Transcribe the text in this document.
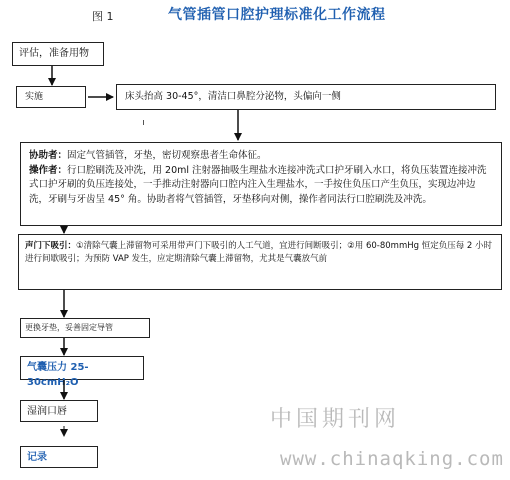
图 1	气管插管口腔护理标准化工作流程
评估，准备用物
实施	床头抬高 30-45°，清洁口鼻腔分泌物，头偏向一侧
协助者：固定气管插管，牙垫，密切观察患者生命体征。
操作者：行口腔刷洗及冲洗，用 20ml 注射器抽吸生理盐水连接冲洗式口护牙刷入水口，将负压装置连接冲洗式口护牙刷的负压连接处，一手推动注射器向口腔内注入生理盐水，一手按住负压口产生负压，实现边冲边洗，牙刷与牙齿呈 45° 角。协助者将气管插管，牙垫移向对侧，操作者同法行口腔刷洗及冲洗。
声门下吸引：①清除气囊上滞留物可采用带声门下吸引的人工气道，宜进行间断吸引；②用 60-80mmHg 恒定负压每 2 小时进行间歇吸引；为预防 VAP 发生，应定期清除气囊上滞留物，尤其是气囊放气前
更换牙垫，妥善固定导管
气囊压力 25-30cmH₂O
湿润口唇
记录
中国期刊网
www.chinaqking.com
